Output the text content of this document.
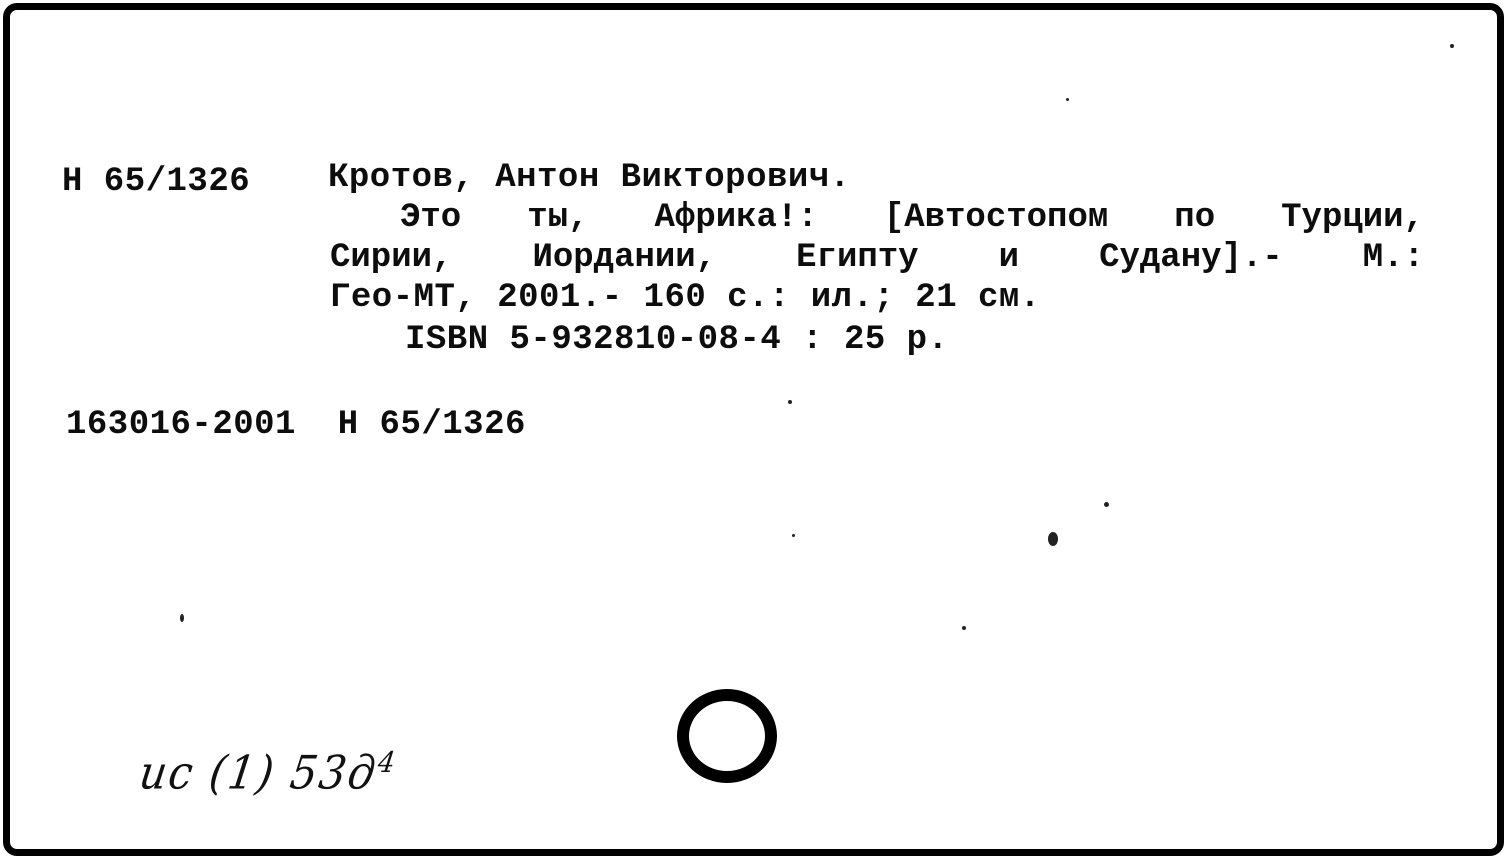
Н 65/1326 Кротов, Антон Викторович.
Это ты, Африка!: [Автостопом по Турции,
Сирии, Иордании, Египту и Судану].- М.:
Гео-МТ, 2001.- 160 с.: ил.; 21 см.
ISBN 5-932810-08-4 : 25 р.
163016-2001  Н 65/1326
ис (1) $53д^4$
